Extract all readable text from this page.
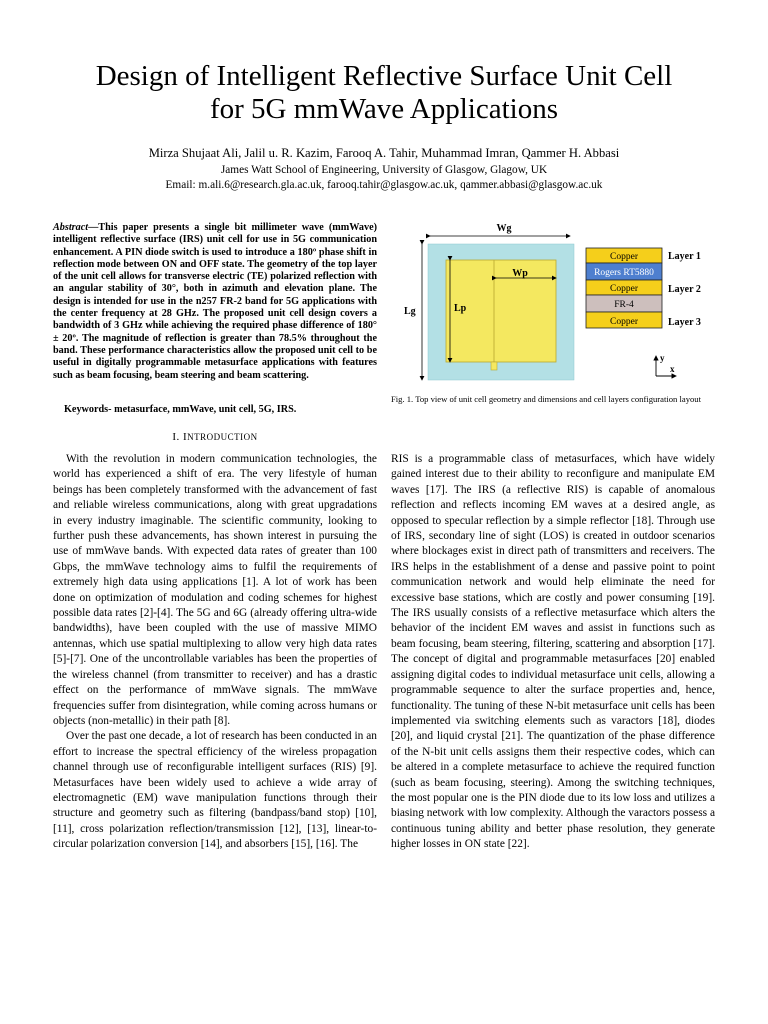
Design of Intelligent Reflective Surface Unit Cell
for 5G mmWave Applications
Mirza Shujaat Ali, Jalil u. R. Kazim, Farooq A. Tahir, Muhammad Imran, Qammer H. Abbasi
James Watt School of Engineering, University of Glasgow, Glagow, UK
Email: m.ali.6@research.gla.ac.uk, farooq.tahir@glasgow.ac.uk, qammer.abbasi@glasgow.ac.uk

Abstract—This paper presents a single bit millimeter wave (mmWave) intelligent reflective surface (IRS) unit cell for use in 5G communication enhancement. A PIN diode switch is used to introduce a 180º phase shift in reflection mode between ON and OFF state. The geometry of the top layer of the unit cell allows for transverse electric (TE) polarized reflection with an angular stability of 30°, both in azimuth and elevation plane. The design is intended for use in the n257 FR-2 band for 5G applications with the center frequency at 28 GHz. The proposed unit cell design covers a bandwidth of 3 GHz while achieving the required phase difference of 180° ± 20º. The magnitude of reflection is greater than 78.5% throughout the band. These performance characteristics allow the proposed unit cell to be useful in digitally programmable metasurface applications with features such as beam focusing, beam steering and beam scattering.

Keywords- metasurface, mmWave, unit cell, 5G, IRS.
I. INTRODUCTION

With the revolution in modern communication technologies, the world has experienced a shift of era. The very lifestyle of human beings has been completely transformed with the advancement of fast and reliable wireless communications, along with great upgradations in every industry imaginable. The scientific community, looking to further push these advancements, has shown interest in pursuing the use of mmWave bands. With expected data rates of greater than 100 Gbps, the mmWave technology aims to fulfil the requirements of extremely high data using applications [1]. A lot of work has been done on optimization of modulation and coding schemes for highest possible data rates [2]-[4]. The 5G and 6G (already offering ultra-wide bandwidths), have been coupled with the use of massive MIMO antennas, which use spatial multiplexing to allow very high data rates [5]-[7]. One of the uncontrollable variables has been the properties of the wireless channel (from transmitter to receiver) and has a drastic effect on the performance of mmWave signals. The mmWave frequencies suffer from disintegration, while coming across humans or objects (non-metallic) in their path [8].

Over the past one decade, a lot of research has been conducted in an effort to increase the spectral efficiency of the wireless propagation channel through use of reconfigurable intelligent surfaces (RIS) [9]. Metasurfaces have been widely used to achieve a wide array of electromagnetic (EM) wave manipulation functions through their structure and geometry such as filtering (bandpass/band stop) [10], [11], cross polarization reflection/transmission [12], [13], linear-to-circular polarization conversion [14], and absorbers [15], [16]. The

RIS is a programmable class of metasurfaces, which have widely gained interest due to their ability to reconfigure and manipulate EM waves [17]. The IRS (a reflective RIS) is capable of anomalous reflection and reflects incoming EM waves at a desired angle, as opposed to specular reflection by a simple reflector [18]. Through use of IRS, secondary line of sight (LOS) is created in outdoor scenarios where blockages exist in direct path of transmitters and receivers. The IRS helps in the establishment of a dense and passive point to point communication network and would help eliminate the need for excessive base stations, which are costly and power consuming [19]. The IRS usually consists of a reflective metasurface which alters the behavior of the incident EM waves and assist in functions such as beam focusing, beam steering, filtering, scattering and absorption [17]. The concept of digital and programmable metasurfaces [20] enabled assigning digital codes to individual metasurface unit cells, allowing a programmable sequence to alter the surface properties and, hence, functionality. The tuning of these N-bit metasurface unit cells has been implemented via switching elements such as varactors [18], diodes [20], and liquid crystal [21]. The quantization of the phase difference of the N-bit unit cells assigns them their respective codes, which can be altered in a complete metasurface to achieve the required function (such as beam focusing, steering). Among the switching techniques, the most popular one is the PIN diode due to its low loss and utilizes a biasing network with low complexity. Although the varactors possess a continuous tuning ability and better phase resolution, they generate higher losses in ON state [22].

Wg
Wp
Lg	Lp
y
x
Copper
Rogers RT5880
Copper
FR-4
Copper
Layer 1
Layer 2
Layer 3
Fig. 1. Top view of unit cell geometry and dimensions and cell layers configuration layout
